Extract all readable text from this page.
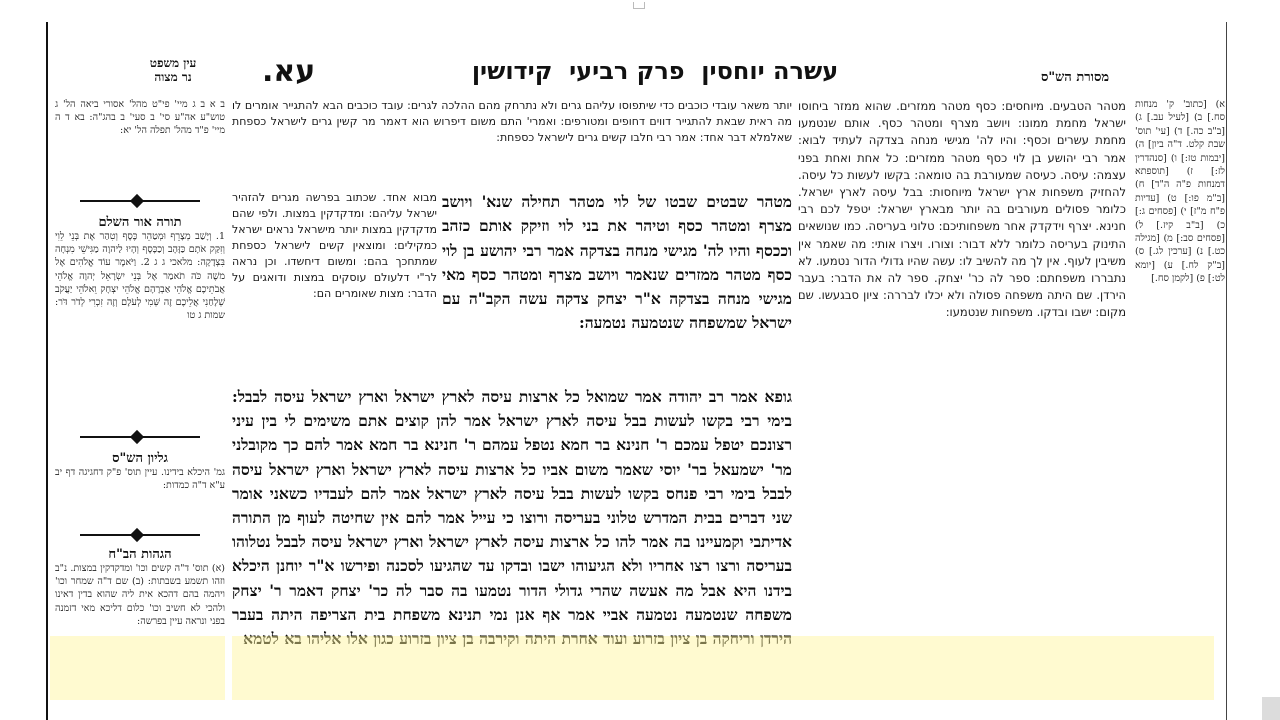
עין משפט
נר מצוה	עא.	עשרה יוחסין  פרק רביעי  קידושין	מסורת הש"ס

א) [כתוב' ק' מנחות סח.] ב) [לעיל עב.] ג) [ב"ב כה.] ד) [עי' תוס' שבת קלט. ד"ה ביון] ה) [יבמות טז:] ו) [סנהדרין לז:] ז) [תוספתא דמנחות פ"ה ה"ד] ח) [ב"מ פו:] ט) [עדיות פ"ח מ"ז] י) [פסחים ג:] כ) [ב"ב קיז.] ל) [פסחים סב:] מ) [מגילה כט.] נ) [ערכין לג.] ס) [ב"ק לח.] ע) [יומא לט:] פ) [לקמן סח.]

מטהר הטבעים. מיוחסים: כסף מטהר ממזרים. שהוא ממזר ביחוסו ישראל מחמת ממונו: ויושב מצרף ומטהר כסף. אותם שנטמעו מחמת עשרים וכסף: והיו לה' מגישי מנחה בצדקה לעתיד לבוא: אמר רבי יהושע בן לוי כסף מטהר ממזרים: כל אחת ואחת בפני עצמה: עיסה. כעיסה שמעורבת בה טומאה: בקשו לעשות כל עיסה. להחזיק משפחות ארץ ישראל מיוחסות: בבל עיסה לארץ ישראל. כלומר פסולים מעורבים בה יותר מבארץ ישראל: יטפל לכם רבי חנינא. יצרף וידקדק אחר משפחותיכם: טלוני בעריסה. כמו שנושאים התינוק בעריסה כלומר ללא דבור: וצורו. ויצרו אותי: מה שאמר אין משיבין לעוף. אין לך מה להשיב לו: עשה שהיו גדולי הדור נטמעו. לא נתבררו משפחתם: ספר לה כר' יצחק. ספר לה את הדבר: בעבר הירדן. שם היתה משפחה פסולה ולא יכלו לבררה: ציון סבגעשו. שם מקום: ישבו ובדקו. משפחות שנטמעו:

יותר משאר עובדי כוכבים כדי שיתפוסו עליהם גרים ולא נתרחק מהם ההלכה לגרים: עובד כוכבים הבא להתגייר אומרים לו מה ראית שבאת להתגייר דווים דחופים ומטורפים: ואמרי' התם משום דיפרוש הוא דאמר מר קשין גרים לישראל כספחת שאלמלא דבר אחד: אמר רבי חלבו קשים גרים לישראל כספחת:

מטהר שבטים שבטו של לוי מטהר תחילה שנא' ויושב מצרף ומטהר כסף וטיהר את בני לוי וזיקק אותם כזהב וככסף והיו לה' מגישי מנחה בצדקה אמר רבי יהושע בן לוי כסף מטהר ממזרים שנאמר ויושב מצרף ומטהר כסף מאי מגישי מנחה בצדקה א"ר יצחק צדקה עשה הקב"ה עם ישראל שמשפחה שנטמעה נטמעה:

מבוא אחד. שכתוב בפרשה מגרים להזהיר ישראל עליהם: ומדקדקין במצות. ולפי שהם מדקדקין במצות יותר מישראל נראים ישראל כמקילים: ומוצאין קשים לישראל כספחת שמתחכך בהם: ומשום דיחשדו. וכן נראה לר"י דלעולם עוסקים במצות ודואגים על הדבר: מצות שאומרים הם:

גופא אמר רב יהודה אמר שמואל כל ארצות עיסה לארץ ישראל וארץ ישראל עיסה לבבל: בימי רבי בקשו לעשות בבל עיסה לארץ ישראל אמר להן קוצים אתם משימים לי בין עיני רצונכם יטפל עמכם ר' חנינא בר חמא נטפל עמהם ר' חנינא בר חמא אמר להם כך מקובלני מר' ישמעאל בר' יוסי שאמר משום אביו כל ארצות עיסה לארץ ישראל וארץ ישראל עיסה לבבל בימי רבי פנחס בקשו לעשות בבל עיסה לארץ ישראל אמר להם לעבדיו כשאני אומר שני דברים בבית המדרש טלוני בעריסה ורוצו כי עייל אמר להם אין שחיטה לעוף מן התורה אדיתבי וקמעיינו בה אמר להו כל ארצות עיסה לארץ ישראל וארץ ישראל עיסה לבבל נטלוהו בעריסה ורצו רצו אחריו ולא הגיעוהו ישבו ובדקו עד שהגיעו לסכנה ופירשו א"ר יוחנן היכלא בידנו היא אבל מה אעשה שהרי גדולי הדור נטמעו בה סבר לה כר' יצחק דאמר ר' יצחק משפחה שנטמעה נטמעה אביי אמר אף אנן נמי תנינא משפחת בית הצריפה היתה בעבר הירדן וריחקה בן ציון בזרוע ועוד אחרת היתה וקירבה בן ציון בזרוע כגון אלו אליהו בא לטמא

ב א ב ג מיי' פי"ט מהל' אסורי ביאה הל' ג טוש"ע אה"ע סי' ב סעי' ב בהג"ה: בא ד ה מיי' פ"ד מהל' תפלה הל' יא:
תורה אור השלם
1. וְיָשַׁב מְצָרֵף וּמְטַהֵר כֶּסֶף וְטִהַר אֶת בְּנֵי לֵוִי וְזִקַּק אֹתָם כַּזָּהָב וְכַכָּסֶף וְהָיוּ לַיהוָה מַגִּישֵׁי מִנְחָה בִּצְדָקָה: מלאכי ג ג 2. וַיֹּאמֶר עוֹד אֱלֹהִים אֶל משֶׁה כֹּה תֹאמַר אֶל בְּנֵי יִשְׂרָאֵל יְהוָה אֱלֹהֵי אֲבֹתֵיכֶם אֱלֹהֵי אַבְרָהָם אֱלֹהֵי יִצְחָק וֵאלֹהֵי יַעֲקֹב שְׁלָחַנִי אֲלֵיכֶם זֶה שְּׁמִי לְעֹלָם וְזֶה זִכְרִי לְדֹר דֹּר: שמות ג טו
גליון הש"ס
גמ' היכלא בידינו. עיין תוס' פ"ק דחגיגה דף יב ע"א ד"ה כמדות:
הגהות הב"ח
(א) תוס' ד"ה קשים וכו' ומדקדקין במצות. נ"ב וזהו תשמע בשבתות: (ב) שם ד"ה שמחר וכו' ויהמה בהם דהכא אית ליה שהוא בדין דאינו ולהכי לא חשיב וכו' כלום דליכא מאי דזמנה בפני ונראה עיין בפרשה:
